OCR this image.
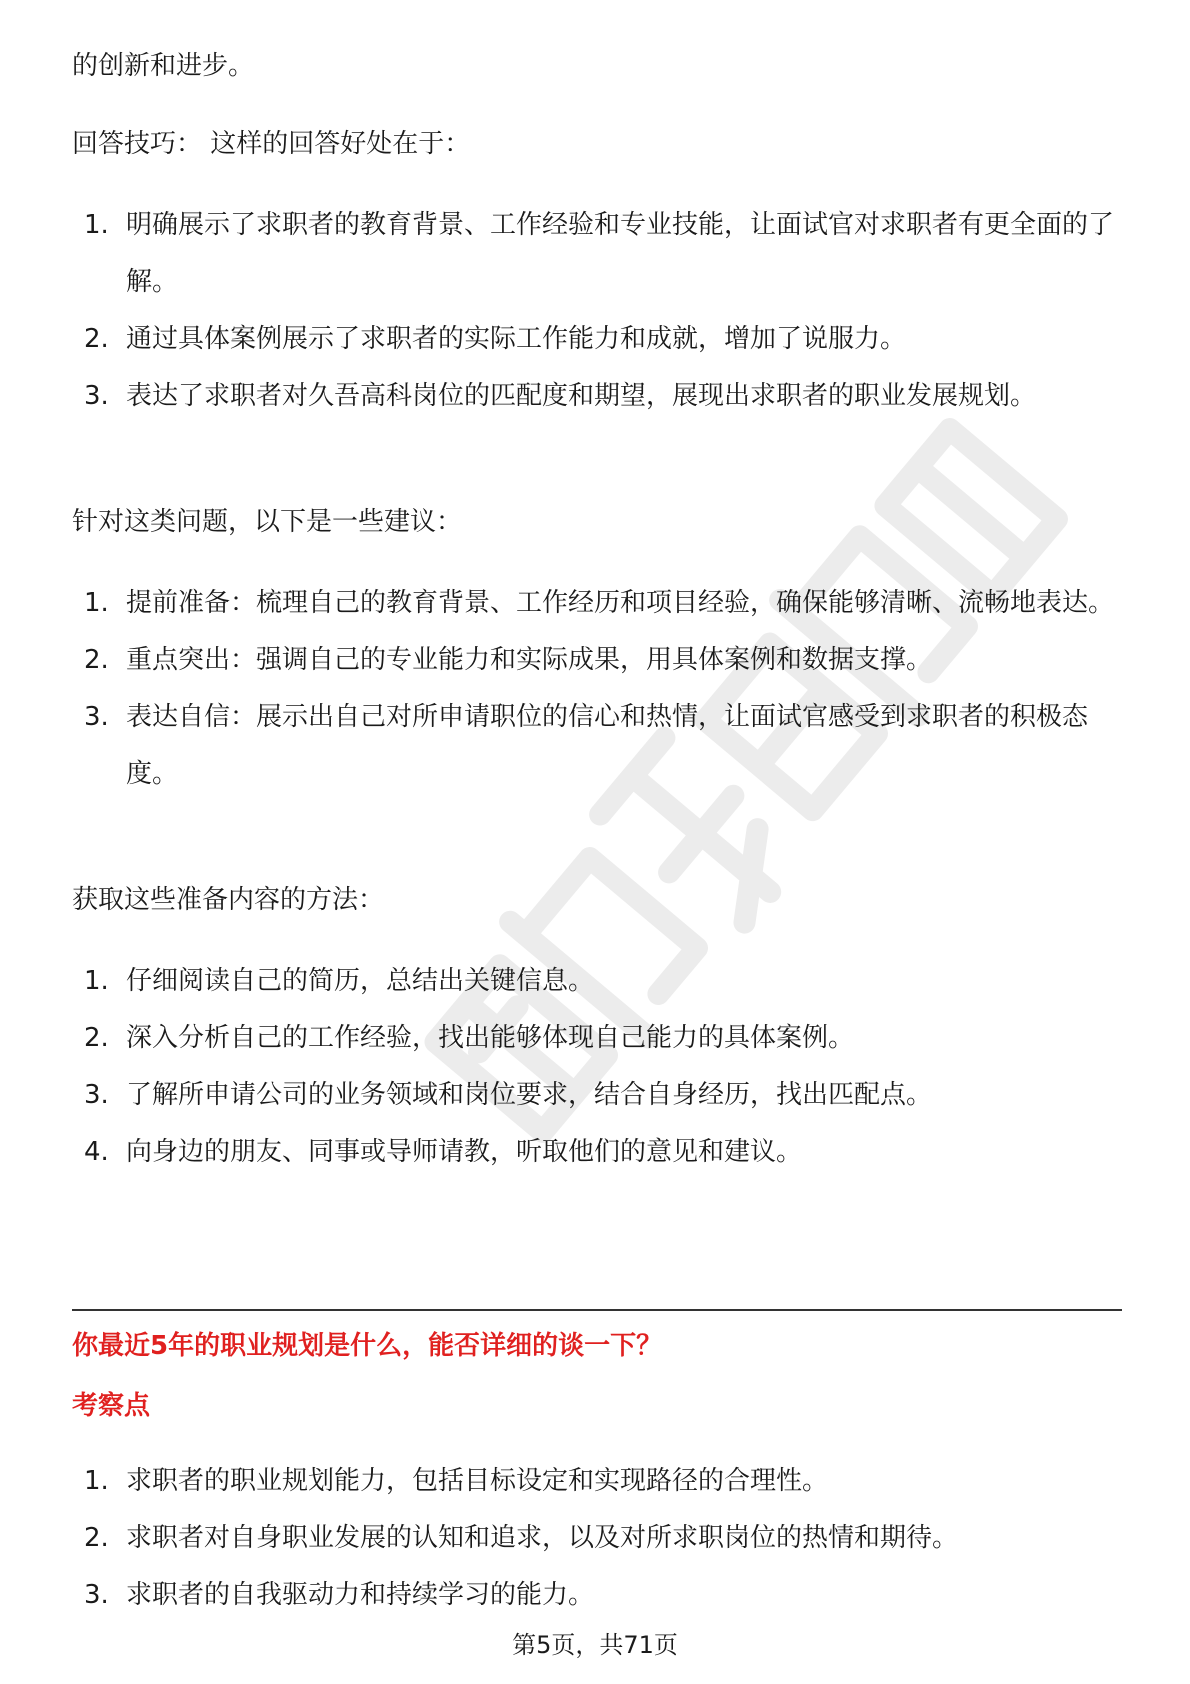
的创新和进步。

回答技巧： 这样的回答好处在于：

1. 明确展示了求职者的教育背景、工作经验和专业技能，让面试官对求职者有更全面的了解。
2. 通过具体案例展示了求职者的实际工作能力和成就，增加了说服力。
3. 表达了求职者对久吾高科岗位的匹配度和期望，展现出求职者的职业发展规划。

针对这类问题，以下是一些建议：

1. 提前准备：梳理自己的教育背景、工作经历和项目经验，确保能够清晰、流畅地表达。
2. 重点突出：强调自己的专业能力和实际成果，用具体案例和数据支撑。
3. 表达自信：展示出自己对所申请职位的信心和热情，让面试官感受到求职者的积极态度。

获取这些准备内容的方法：

1. 仔细阅读自己的简历，总结出关键信息。
2. 深入分析自己的工作经验，找出能够体现自己能力的具体案例。
3. 了解所申请公司的业务领域和岗位要求，结合自身经历，找出匹配点。
4. 向身边的朋友、同事或导师请教，听取他们的意见和建议。

你最近5年的职业规划是什么，能否详细的谈一下？

考察点

1. 求职者的职业规划能力，包括目标设定和实现路径的合理性。
2. 求职者对自身职业发展的认知和追求，以及对所求职岗位的热情和期待。
3. 求职者的自我驱动力和持续学习的能力。
第5页，共71页
